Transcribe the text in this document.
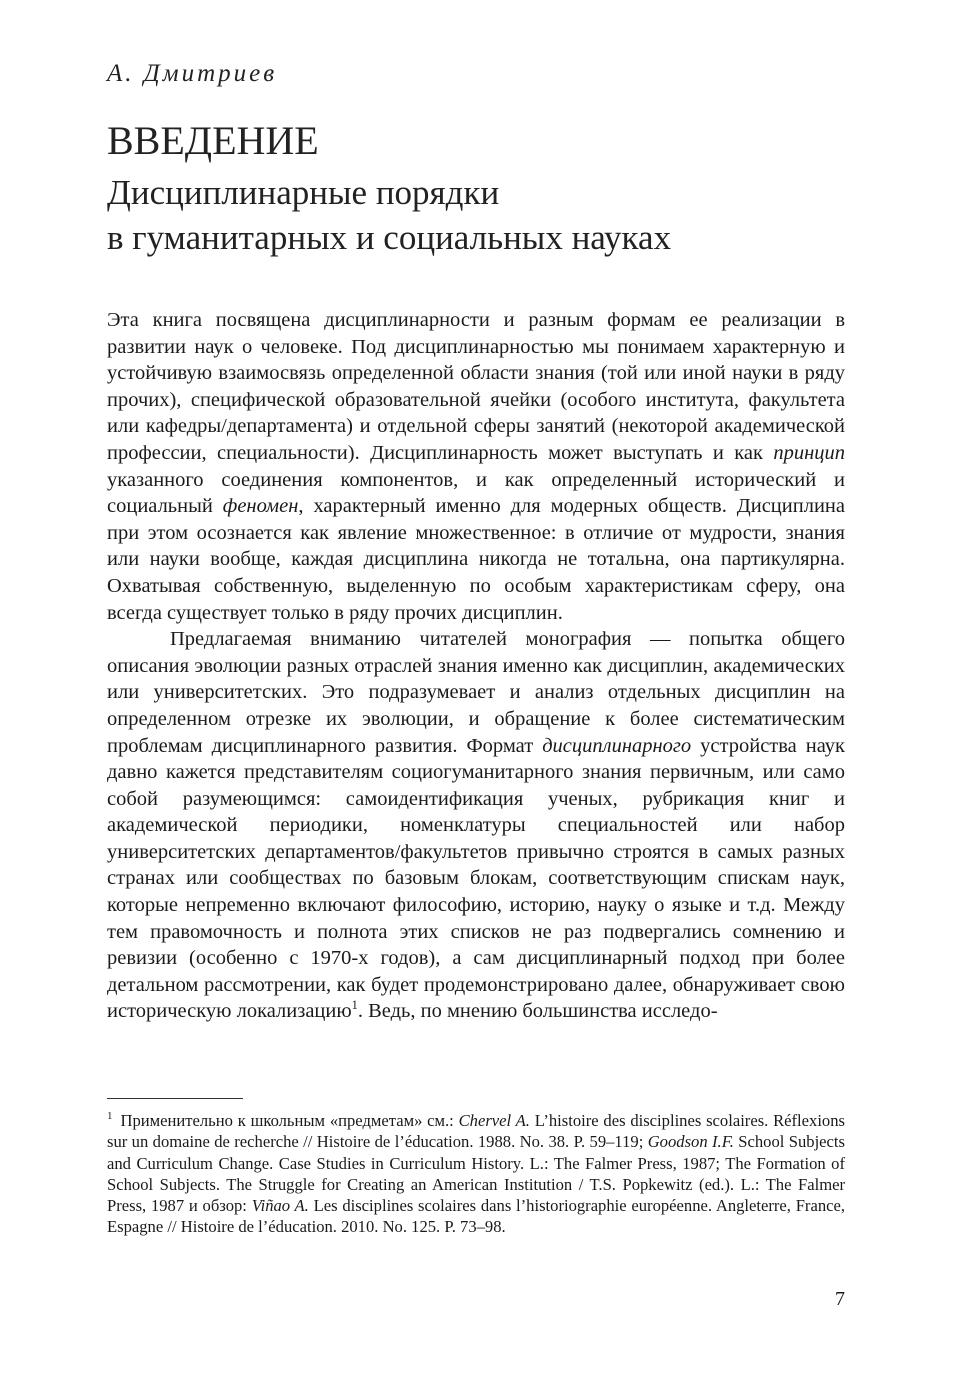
А. Дмитриев
ВВЕДЕНИЕ
Дисциплинарные порядки
в гуманитарных и социальных науках

Эта книга посвящена дисциплинарности и разным формам ее реализации в развитии наук о человеке. Под дисциплинарностью мы понимаем характерную и устойчивую взаимосвязь определенной области знания (той или иной науки в ряду прочих), специфической образовательной ячейки (особого института, факультета или кафедры/департамента) и отдельной сферы занятий (некоторой академической профессии, специальности). Дисциплинарность может выступать и как принцип указанного соединения компонентов, и как определенный исторический и социальный феномен, характерный именно для модерных обществ. Дисциплина при этом осознается как явление множественное: в отличие от мудрости, знания или науки вообще, каждая дисциплина никогда не тотальна, она партикулярна. Охватывая собственную, выделенную по особым характеристикам сферу, она всегда существует только в ряду прочих дисциплин.

Предлагаемая вниманию читателей монография — попытка общего описания эволюции разных отраслей знания именно как дисциплин, академических или университетских. Это подразумевает и анализ отдельных дисциплин на определенном отрезке их эволюции, и обращение к более систематическим проблемам дисциплинарного развития. Формат дисциплинарного устройства наук давно кажется представителям социогуманитарного знания первичным, или само собой разумеющимся: самоидентификация ученых, рубрикация книг и академической периодики, номенклатуры специальностей или набор университетских департаментов/факультетов привычно строятся в самых разных странах или сообществах по базовым блокам, соответствующим спискам наук, которые непременно включают философию, историю, науку о языке и т.д. Между тем правомочность и полнота этих списков не раз подвергались сомнению и ревизии (особенно с 1970-х годов), а сам дисциплинарный подход при более детальном рассмотрении, как будет продемонстрировано далее, обнаруживает свою историческую локализацию$^1$. Ведь, по мнению большинства исследо-

$^1$ Применительно к школьным «предметам» см.: Chervel A. L’histoire des disciplines scolaires. Réflexions sur un domaine de recherche // Histoire de l’éducation. 1988. No. 38. P. 59–119; Goodson I.F. School Subjects and Curriculum Change. Case Studies in Curriculum History. L.: The Falmer Press, 1987; The Formation of School Subjects. The Struggle for Creating an American Institution / T.S. Popkewitz (ed.). L.: The Falmer Press, 1987 и обзор: Viñao A. Les disciplines scolaires dans l’historiographie européenne. Angleterre, France, Espagne // Histoire de l’éducation. 2010. No. 125. P. 73–98.
7
